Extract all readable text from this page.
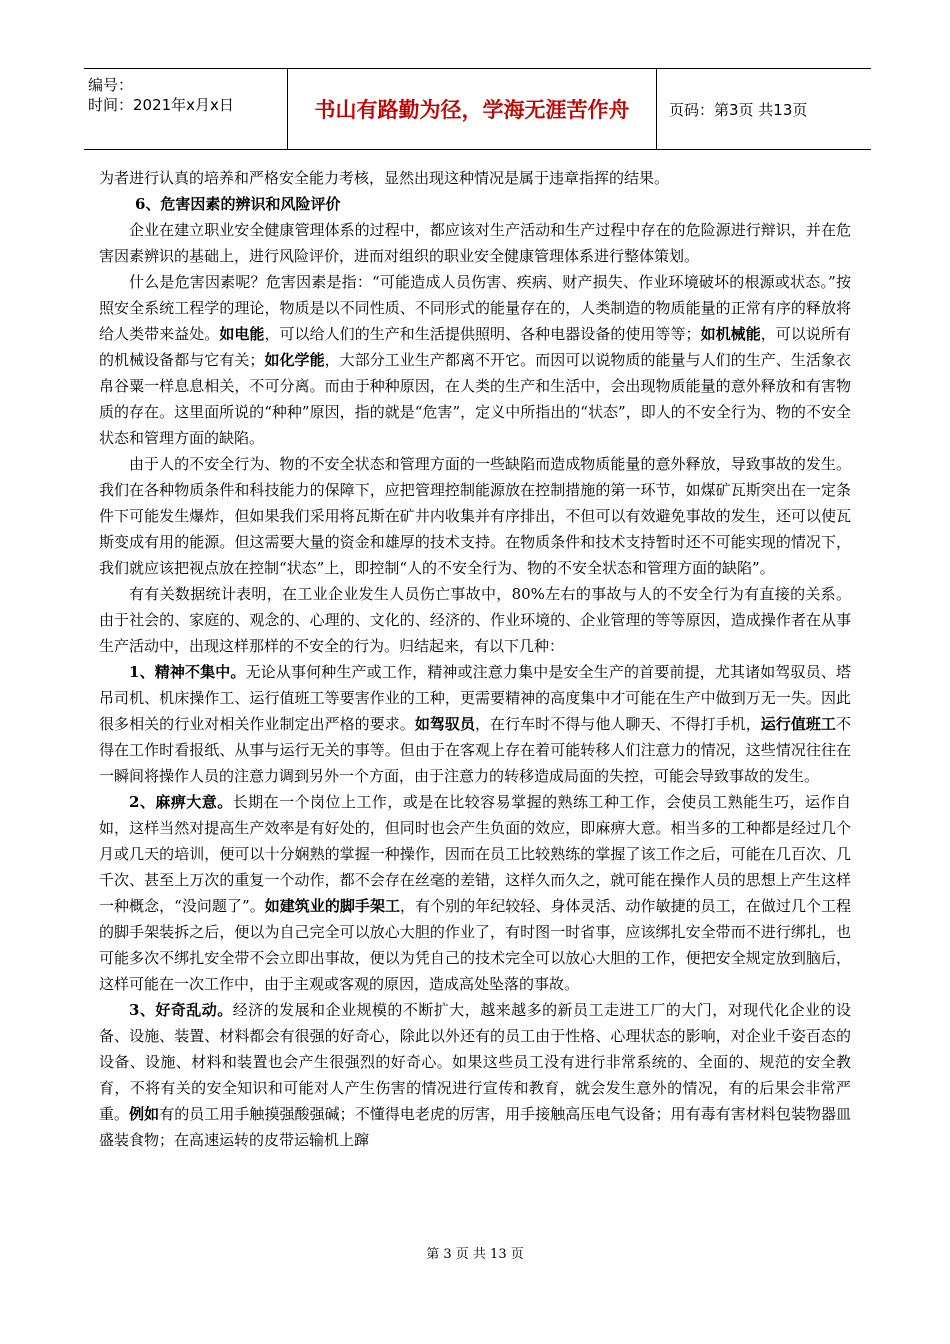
编号：
时间：2021年x月x日	书山有路勤为径，学海无涯苦作舟	页码：第3页 共13页

为者进行认真的培养和严格安全能力考核，显然出现这种情况是属于违章指挥的结果。

6、危害因素的辨识和风险评价

企业在建立职业安全健康管理体系的过程中，都应该对生产活动和生产过程中存在的危险源进行辩识，并在危害因素辨识的基础上，进行风险评价，进而对组织的职业安全健康管理体系进行整体策划。

什么是危害因素呢？危害因素是指：“可能造成人员伤害、疾病、财产损失、作业环境破坏的根源或状态。”按照安全系统工程学的理论，物质是以不同性质、不同形式的能量存在的，人类制造的物质能量的正常有序的释放将给人类带来益处。如电能，可以给人们的生产和生活提供照明、各种电器设备的使用等等；如机械能，可以说所有的机械设备都与它有关；如化学能，大部分工业生产都离不开它。而因可以说物质的能量与人们的生产、生活象衣帛谷粟一样息息相关，不可分离。而由于种种原因，在人类的生产和生活中，会出现物质能量的意外释放和有害物质的存在。这里面所说的“种种”原因，指的就是“危害”，定义中所指出的“状态”，即人的不安全行为、物的不安全状态和管理方面的缺陷。

由于人的不安全行为、物的不安全状态和管理方面的一些缺陷而造成物质能量的意外释放，导致事故的发生。我们在各种物质条件和科技能力的保障下，应把管理控制能源放在控制措施的第一环节，如煤矿瓦斯突出在一定条件下可能发生爆炸，但如果我们采用将瓦斯在矿井内收集并有序排出，不但可以有效避免事故的发生，还可以使瓦斯变成有用的能源。但这需要大量的资金和雄厚的技术支持。在物质条件和技术支持暂时还不可能实现的情况下，我们就应该把视点放在控制“状态”上，即控制“人的不安全行为、物的不安全状态和管理方面的缺陷”。

有有关数据统计表明，在工业企业发生人员伤亡事故中，80%左右的事故与人的不安全行为有直接的关系。由于社会的、家庭的、观念的、心理的、文化的、经济的、作业环境的、企业管理的等等原因，造成操作者在从事生产活动中，出现这样那样的不安全的行为。归结起来，有以下几种：

1、精神不集中。无论从事何种生产或工作，精神或注意力集中是安全生产的首要前提，尤其诸如驾驭员、塔吊司机、机床操作工、运行值班工等要害作业的工种，更需要精神的高度集中才可能在生产中做到万无一失。因此很多相关的行业对相关作业制定出严格的要求。如驾驭员，在行车时不得与他人聊天、不得打手机，运行值班工不得在工作时看报纸、从事与运行无关的事等。但由于在客观上存在着可能转移人们注意力的情况，这些情况往往在一瞬间将操作人员的注意力调到另外一个方面，由于注意力的转移造成局面的失控，可能会导致事故的发生。

2、麻痹大意。长期在一个岗位上工作，或是在比较容易掌握的熟练工种工作，会使员工熟能生巧，运作自如，这样当然对提高生产效率是有好处的，但同时也会产生负面的效应，即麻痹大意。相当多的工种都是经过几个月或几天的培训，便可以十分娴熟的掌握一种操作，因而在员工比较熟练的掌握了该工作之后，可能在几百次、几千次、甚至上万次的重复一个动作，都不会存在丝毫的差错，这样久而久之，就可能在操作人员的思想上产生这样一种概念，“没问题了”。如建筑业的脚手架工，有个别的年纪较轻、身体灵活、动作敏捷的员工，在做过几个工程的脚手架装拆之后，便以为自己完全可以放心大胆的作业了，有时图一时省事，应该绑扎安全带而不进行绑扎，也可能多次不绑扎安全带不会立即出事故，便以为凭自己的技术完全可以放心大胆的工作，便把安全规定放到脑后，这样可能在一次工作中，由于主观或客观的原因，造成高处坠落的事故。

3、好奇乱动。经济的发展和企业规模的不断扩大，越来越多的新员工走进工厂的大门，对现代化企业的设备、设施、装置、材料都会有很强的好奇心，除此以外还有的员工由于性格、心理状态的影响，对企业千姿百态的设备、设施、材料和装置也会产生很强烈的好奇心。如果这些员工没有进行非常系统的、全面的、规范的安全教育，不将有关的安全知识和可能对人产生伤害的情况进行宣传和教育，就会发生意外的情况，有的后果会非常严重。例如有的员工用手触摸强酸强碱；不懂得电老虎的厉害，用手接触高压电气设备；用有毒有害材料包装物器皿盛装食物；在高速运转的皮带运输机上蹿

第 3 页 共 13 页
